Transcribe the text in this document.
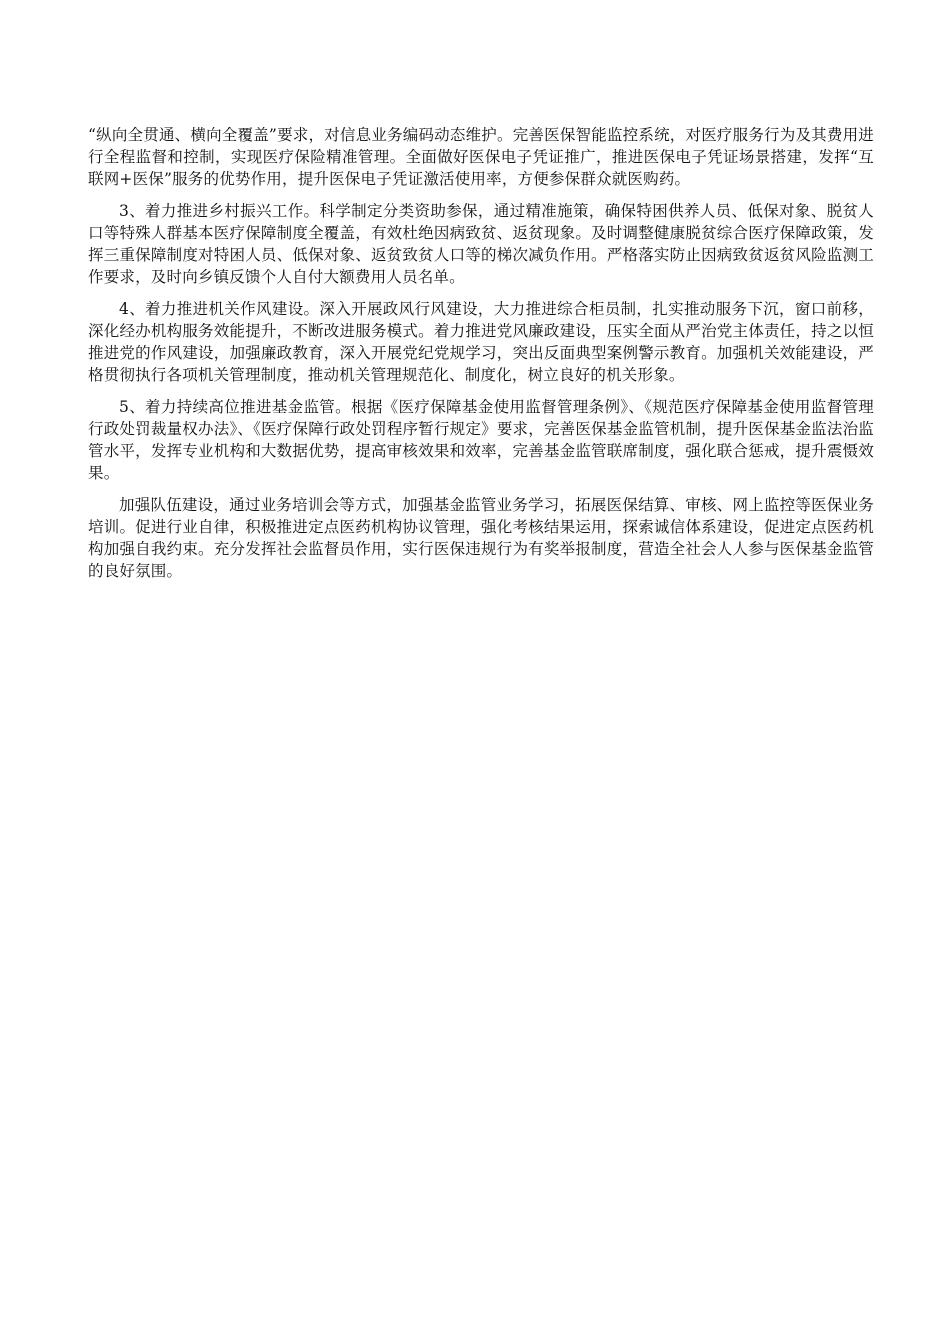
“纵向全贯通、横向全覆盖”要求，对信息业务编码动态维护。完善医保智能监控系统，对医疗服务行为及其费用进行全程监督和控制，实现医疗保险精准管理。全面做好医保电子凭证推广，推进医保电子凭证场景搭建，发挥“互联网+医保”服务的优势作用，提升医保电子凭证激活使用率，方便参保群众就医购药。

3、着力推进乡村振兴工作。科学制定分类资助参保，通过精准施策，确保特困供养人员、低保对象、脱贫人口等特殊人群基本医疗保障制度全覆盖，有效杜绝因病致贫、返贫现象。及时调整健康脱贫综合医疗保障政策，发挥三重保障制度对特困人员、低保对象、返贫致贫人口等的梯次减负作用。严格落实防止因病致贫返贫风险监测工作要求，及时向乡镇反馈个人自付大额费用人员名单。

4、着力推进机关作风建设。深入开展政风行风建设，大力推进综合柜员制，扎实推动服务下沉，窗口前移，深化经办机构服务效能提升，不断改进服务模式。着力推进党风廉政建设，压实全面从严治党主体责任，持之以恒推进党的作风建设，加强廉政教育，深入开展党纪党规学习，突出反面典型案例警示教育。加强机关效能建设，严格贯彻执行各项机关管理制度，推动机关管理规范化、制度化，树立良好的机关形象。

5、着力持续高位推进基金监管。根据《医疗保障基金使用监督管理条例》、《规范医疗保障基金使用监督管理行政处罚裁量权办法》、《医疗保障行政处罚程序暂行规定》要求，完善医保基金监管机制，提升医保基金监法治监管水平，发挥专业机构和大数据优势，提高审核效果和效率，完善基金监管联席制度，强化联合惩戒，提升震慑效果。

加强队伍建设，通过业务培训会等方式，加强基金监管业务学习，拓展医保结算、审核、网上监控等医保业务培训。促进行业自律，积极推进定点医药机构协议管理，强化考核结果运用，探索诚信体系建设，促进定点医药机构加强自我约束。充分发挥社会监督员作用，实行医保违规行为有奖举报制度，营造全社会人人参与医保基金监管的良好氛围。
